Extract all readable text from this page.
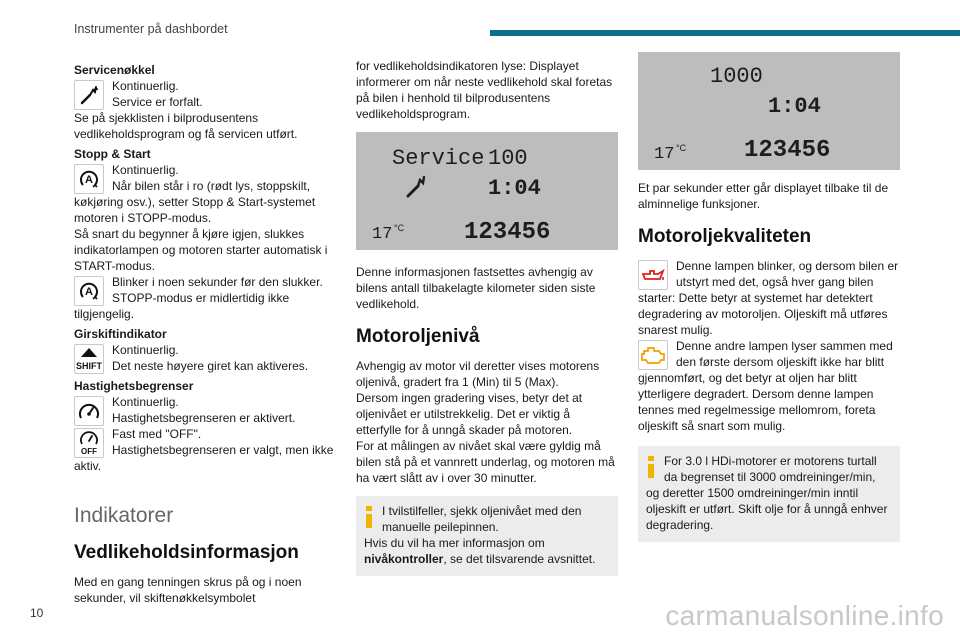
Instrumenter på dashbordet
Servicenøkkel
Kontinuerlig.
Service er forfalt.

Se på sjekklisten i bilprodusentens vedlikeholdsprogram og få servicen utført.

Stopp & Start
A
Kontinuerlig.
Når bilen står i ro (rødt lys, stoppskilt, køkjøring osv.), setter Stopp & Start-systemet motoren i STOPP-modus.

Så snart du begynner å kjøre igjen, slukkes indikatorlampen og motoren starter automatisk i START-modus.

A
Blinker i noen sekunder før den slukker.
STOPP-modus er midlertidig ikke tilgjengelig.
Girskiftindikator
SHIFT
Kontinuerlig.
Det neste høyere giret kan aktiveres.
Hastighetsbegrenser
Kontinuerlig.
Hastighetsbegrenseren er aktivert.
OFF
Fast med "OFF".
Hastighetsbegrenseren er valgt, men ikke aktiv.
Indikatorer
Vedlikeholdsinformasjon

Med en gang tenningen skrus på og i noen sekunder, vil skiftenøkkelsymbolet

for vedlikeholdsindikatoren lyse: Displayet informerer om når neste vedlikehold skal foretas på bilen i henhold til bilprodusentens vedlikeholdsprogram.

Service 100
1:04
17 °C 123456

Denne informasjonen fastsettes avhengig av bilens antall tilbakelagte kilometer siden siste vedlikehold.

Motoroljenivå

Avhengig av motor vil deretter vises motorens oljenivå, gradert fra 1 (Min) til 5 (Max).

Dersom ingen gradering vises, betyr det at oljenivået er utilstrekkelig. Det er viktig å etterfylle for å unngå skader på motoren.

For at målingen av nivået skal være gyldig må bilen stå på et vannrett underlag, og motoren må ha vært slått av i over 30 minutter.

I tvilstilfeller, sjekk oljenivået med den manuelle peilepinnen.
Hvis du vil ha mer informasjon om nivåkontroller, se det tilsvarende avsnittet.
1000
1:04
17 °C 123456

Et par sekunder etter går displayet tilbake til de alminnelige funksjoner.

Motoroljekvaliteten
Denne lampen blinker, og dersom bilen er utstyrt med det, også hver gang bilen starter: Dette betyr at systemet har detektert degradering av motoroljen. Oljeskift må utføres snarest mulig.
Denne andre lampen lyser sammen med den første dersom oljeskift ikke har blitt gjennomført, og det betyr at oljen har blitt ytterligere degradert. Dersom denne lampen tennes med regelmessige mellomrom, foreta oljeskift så snart som mulig.
For 3.0 l HDi-motorer er motorens turtall da begrenset til 3000 omdreininger/min, og deretter 1500 omdreininger/min inntil oljeskift er utført. Skift olje for å unngå enhver degradering.
10	carmanualsonline.info
